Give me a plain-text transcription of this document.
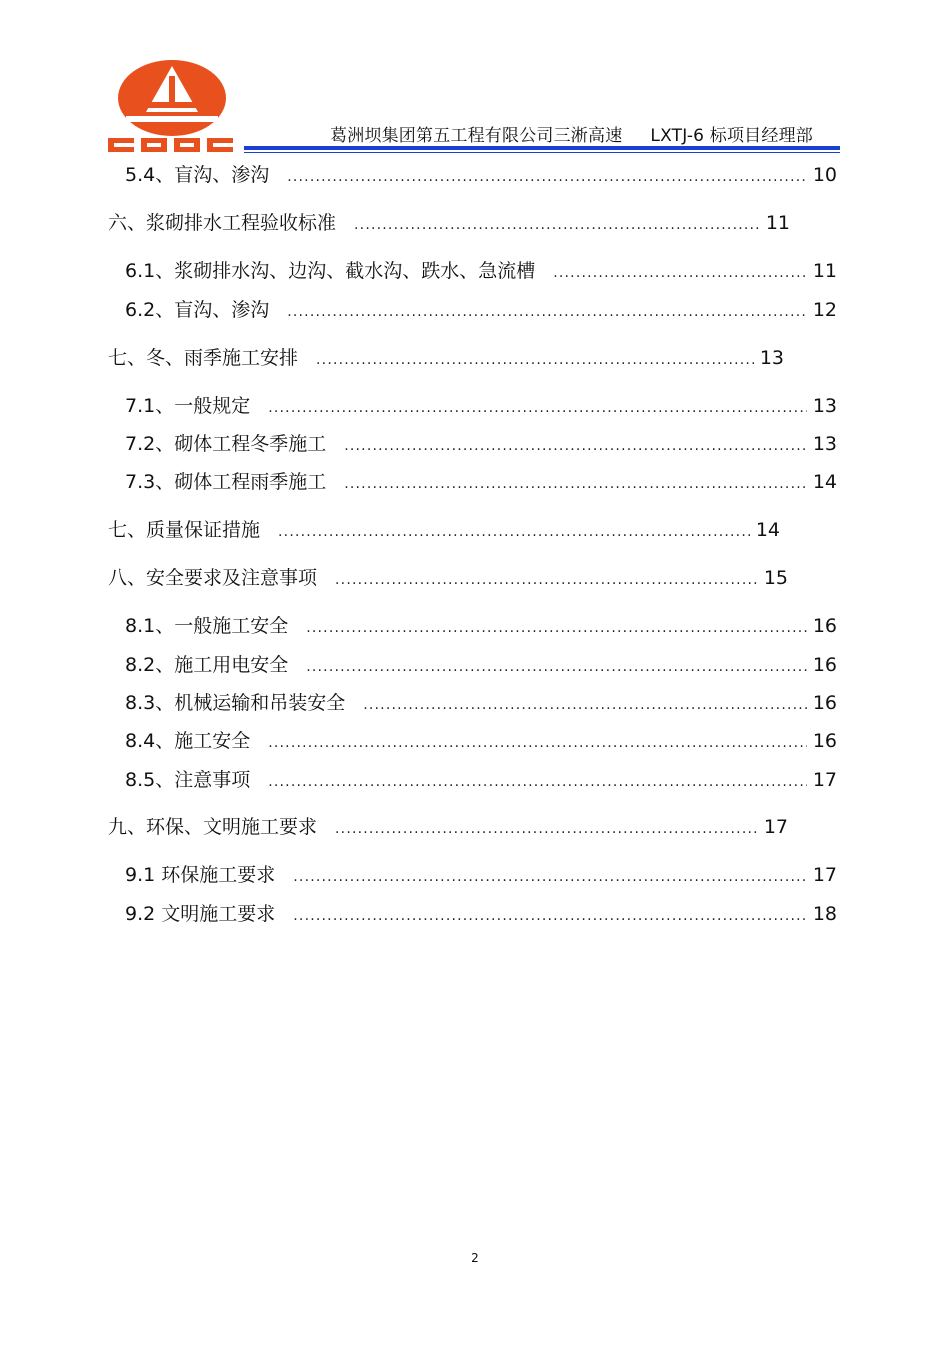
葛洲坝集团第五工程有限公司三淅高速 LXTJ-6 标项目经理部
5.4、盲沟、渗沟 .....	10
六、浆砌排水工程验收标准 .....	11
6.1、浆砌排水沟、边沟、截水沟、跌水、急流槽 .....	11
6.2、盲沟、渗沟 .....	12
七、冬、雨季施工安排 .....	13
7.1、一般规定 .....	13
7.2、砌体工程冬季施工 .....	13
7.3、砌体工程雨季施工 .....	14
七、质量保证措施 .....	14
八、安全要求及注意事项 .....	15
8.1、一般施工安全 .....	16
8.2、施工用电安全 .....	16
8.3、机械运输和吊装安全 .....	16
8.4、施工安全 .....	16
8.5、注意事项 .....	17
九、环保、文明施工要求 .....	17
9.1 环保施工要求 .....	17
9.2 文明施工要求 .....	18
2
